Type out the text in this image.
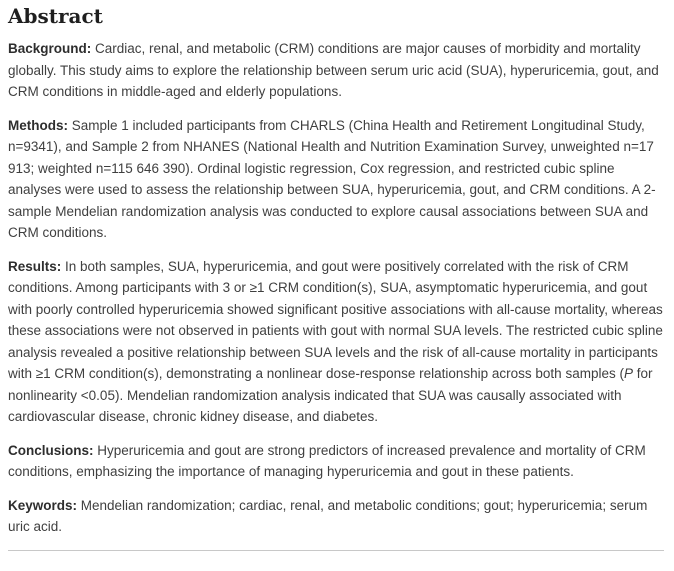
Abstract

Background: Cardiac, renal, and metabolic (CRM) conditions are major causes of morbidity and mortality globally. This study aims to explore the relationship between serum uric acid (SUA), hyperuricemia, gout, and CRM conditions in middle-aged and elderly populations.

Methods: Sample 1 included participants from CHARLS (China Health and Retirement Longitudinal Study, n=9341), and Sample 2 from NHANES (National Health and Nutrition Examination Survey, unweighted n=17 913; weighted n=115 646 390). Ordinal logistic regression, Cox regression, and restricted cubic spline analyses were used to assess the relationship between SUA, hyperuricemia, gout, and CRM conditions. A 2-sample Mendelian randomization analysis was conducted to explore causal associations between SUA and CRM conditions.

Results: In both samples, SUA, hyperuricemia, and gout were positively correlated with the risk of CRM conditions. Among participants with 3 or ≥1 CRM condition(s), SUA, asymptomatic hyperuricemia, and gout with poorly controlled hyperuricemia showed significant positive associations with all-cause mortality, whereas these associations were not observed in patients with gout with normal SUA levels. The restricted cubic spline analysis revealed a positive relationship between SUA levels and the risk of all-cause mortality in participants with ≥1 CRM condition(s), demonstrating a nonlinear dose-response relationship across both samples (P for nonlinearity <0.05). Mendelian randomization analysis indicated that SUA was causally associated with cardiovascular disease, chronic kidney disease, and diabetes.

Conclusions: Hyperuricemia and gout are strong predictors of increased prevalence and mortality of CRM conditions, emphasizing the importance of managing hyperuricemia and gout in these patients.

Keywords: Mendelian randomization; cardiac, renal, and metabolic conditions; gout; hyperuricemia; serum uric acid.
